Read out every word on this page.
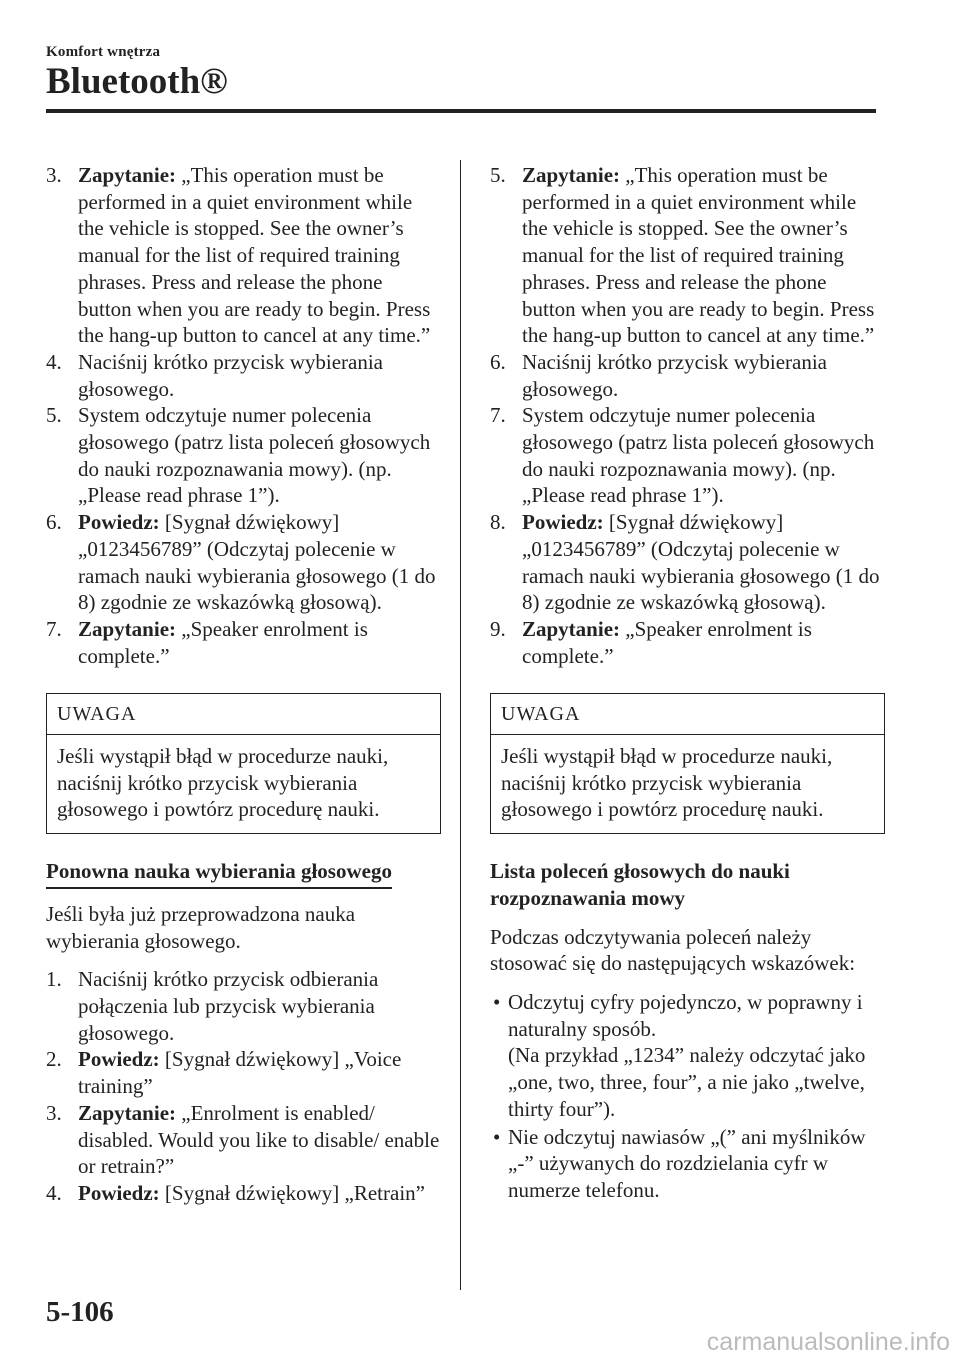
Komfort wnętrza
Bluetooth®
3. Zapytanie: „This operation must be performed in a quiet environment while the vehicle is stopped. See the owner’s manual for the list of required training phrases. Press and release the phone button when you are ready to begin. Press the hang-up button to cancel at any time.”
4. Naciśnij krótko przycisk wybierania głosowego.
5. System odczytuje numer polecenia głosowego (patrz lista poleceń głosowych do nauki rozpoznawania mowy). (np. „Please read phrase 1”).
6. Powiedz: [Sygnał dźwiękowy] „0123456789” (Odczytaj polecenie w ramach nauki wybierania głosowego (1 do 8) zgodnie ze wskazówką głosową).
7. Zapytanie: „Speaker enrolment is complete.”
UWAGA
Jeśli wystąpił błąd w procedurze nauki, naciśnij krótko przycisk wybierania głosowego i powtórz procedurę nauki.
Ponowna nauka wybierania głosowego
Jeśli była już przeprowadzona nauka wybierania głosowego.
1. Naciśnij krótko przycisk odbierania połączenia lub przycisk wybierania głosowego.
2. Powiedz: [Sygnał dźwiękowy] „Voice training”
3. Zapytanie: „Enrolment is enabled/ disabled. Would you like to disable/ enable or retrain?”
4. Powiedz: [Sygnał dźwiękowy] „Retrain”
5. Zapytanie: „This operation must be performed in a quiet environment while the vehicle is stopped. See the owner’s manual for the list of required training phrases. Press and release the phone button when you are ready to begin. Press the hang-up button to cancel at any time.”
6. Naciśnij krótko przycisk wybierania głosowego.
7. System odczytuje numer polecenia głosowego (patrz lista poleceń głosowych do nauki rozpoznawania mowy). (np. „Please read phrase 1”).
8. Powiedz: [Sygnał dźwiękowy] „0123456789” (Odczytaj polecenie w ramach nauki wybierania głosowego (1 do 8) zgodnie ze wskazówką głosową).
9. Zapytanie: „Speaker enrolment is complete.”
UWAGA
Jeśli wystąpił błąd w procedurze nauki, naciśnij krótko przycisk wybierania głosowego i powtórz procedurę nauki.
Lista poleceń głosowych do nauki rozpoznawania mowy
Podczas odczytywania poleceń należy stosować się do następujących wskazówek:
• Odczytuj cyfry pojedynczo, w poprawny i naturalny sposób.
(Na przykład „1234” należy odczytać jako „one, two, three, four”, a nie jako „twelve, thirty four”).
• Nie odczytuj nawiasów „(” ani myślników „-” używanych do rozdzielania cyfr w numerze telefonu.
5-106
carmanualsonline.info
